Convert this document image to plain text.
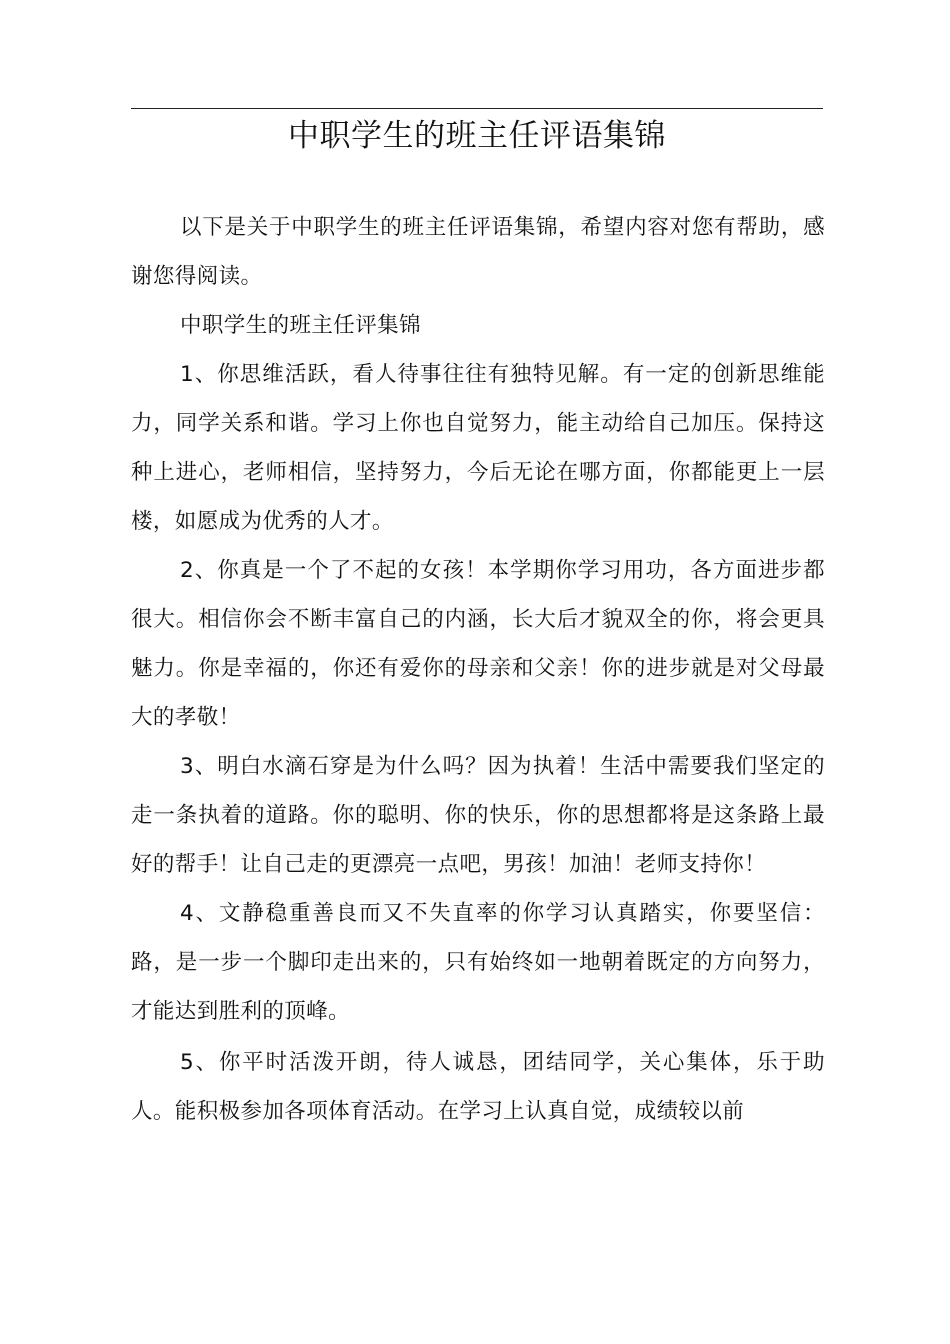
中职学生的班主任评语集锦

以下是关于中职学生的班主任评语集锦，希望内容对您有帮助，感谢您得阅读。

中职学生的班主任评集锦

1、你思维活跃，看人待事往往有独特见解。有一定的创新思维能力，同学关系和谐。学习上你也自觉努力，能主动给自己加压。保持这种上进心，老师相信，坚持努力，今后无论在哪方面，你都能更上一层楼，如愿成为优秀的人才。

2、你真是一个了不起的女孩！本学期你学习用功，各方面进步都很大。相信你会不断丰富自己的内涵，长大后才貌双全的你，将会更具魅力。你是幸福的，你还有爱你的母亲和父亲！你的进步就是对父母最大的孝敬！

3、明白水滴石穿是为什么吗？因为执着！生活中需要我们坚定的走一条执着的道路。你的聪明、你的快乐，你的思想都将是这条路上最好的帮手！让自己走的更漂亮一点吧，男孩！加油！老师支持你！

4、文静稳重善良而又不失直率的你学习认真踏实，你要坚信：路，是一步一个脚印走出来的，只有始终如一地朝着既定的方向努力，才能达到胜利的顶峰。

5、你平时活泼开朗，待人诚恳，团结同学，关心集体，乐于助人。能积极参加各项体育活动。在学习上认真自觉，成绩较以前
